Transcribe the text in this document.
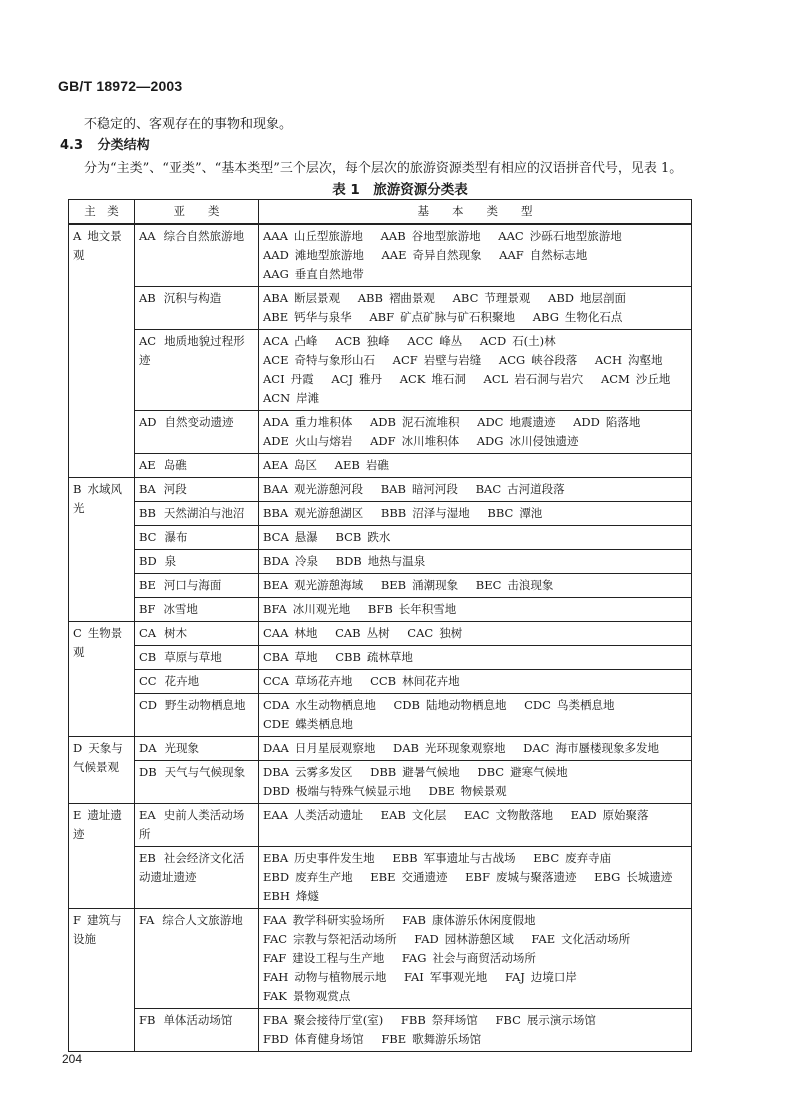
GB/T 18972—2003
不稳定的、客观存在的事物和现象。
4.3 分类结构
分为“主类”、“亚类”、“基本类型”三个层次，每个层次的旅游资源类型有相应的汉语拼音代号，见表 1。
表 1　旅游资源分类表
主　类	亚　　类	基　　本　　类　　型
A 地文景观	AA 综合自然旅游地	AAA 山丘型旅游地 AAB 谷地型旅游地 AAC 沙砾石地型旅游地 AAD 滩地型旅游地 AAE 奇异自然现象 AAF 自然标志地 AAG 垂直自然地带
	AB 沉积与构造	ABA 断层景观 ABB 褶曲景观 ABC 节理景观 ABD 地层剖面 ABE 钙华与泉华 ABF 矿点矿脉与矿石积聚地 ABG 生物化石点
	AC 地质地貌过程形迹	ACA 凸峰 ACB 独峰 ACC 峰丛 ACD 石(土)林 ACE 奇特与象形山石 ACF 岩壁与岩缝 ACG 峡谷段落 ACH 沟壑地 ACI 丹霞 ACJ 雅丹 ACK 堆石洞 ACL 岩石洞与岩穴 ACM 沙丘地 ACN 岸滩
	AD 自然变动遗迹	ADA 重力堆积体 ADB 泥石流堆积 ADC 地震遗迹 ADD 陷落地 ADE 火山与熔岩 ADF 冰川堆积体 ADG 冰川侵蚀遗迹
	AE 岛礁	AEA 岛区 AEB 岩礁
B 水域风光	BA 河段	BAA 观光游憩河段 BAB 暗河河段 BAC 古河道段落
	BB 天然湖泊与池沼	BBA 观光游憩湖区 BBB 沼泽与湿地 BBC 潭池
	BC 瀑布	BCA 悬瀑 BCB 跌水
	BD 泉	BDA 冷泉 BDB 地热与温泉
	BE 河口与海面	BEA 观光游憩海域 BEB 涌潮现象 BEC 击浪现象
	BF 冰雪地	BFA 冰川观光地 BFB 长年积雪地
C 生物景观	CA 树木	CAA 林地 CAB 丛树 CAC 独树
	CB 草原与草地	CBA 草地 CBB 疏林草地
	CC 花卉地	CCA 草场花卉地 CCB 林间花卉地
	CD 野生动物栖息地	CDA 水生动物栖息地 CDB 陆地动物栖息地 CDC 鸟类栖息地 CDE 蝶类栖息地
D 天象与气候景观	DA 光现象	DAA 日月星辰观察地 DAB 光环现象观察地 DAC 海市蜃楼现象多发地
	DB 天气与气候现象	DBA 云雾多发区 DBB 避暑气候地 DBC 避寒气候地 DBD 极端与特殊气候显示地 DBE 物候景观
E 遗址遗迹	EA 史前人类活动场所	EAA 人类活动遗址 EAB 文化层 EAC 文物散落地 EAD 原始聚落
	EB 社会经济文化活动遗址遗迹	EBA 历史事件发生地 EBB 军事遗址与古战场 EBC 废弃寺庙 EBD 废弃生产地 EBE 交通遗迹 EBF 废城与聚落遗迹 EBG 长城遗迹 EBH 烽燧
F 建筑与设施	FA 综合人文旅游地	FAA 教学科研实验场所 FAB 康体游乐休闲度假地 FAC 宗教与祭祀活动场所 FAD 园林游憩区域 FAE 文化活动场所 FAF 建设工程与生产地 FAG 社会与商贸活动场所 FAH 动物与植物展示地 FAI 军事观光地 FAJ 边境口岸 FAK 景物观赏点
	FB 单体活动场馆	FBA 聚会接待厅堂(室) FBB 祭拜场馆 FBC 展示演示场馆 FBD 体育健身场馆 FBE 歌舞游乐场馆
204
